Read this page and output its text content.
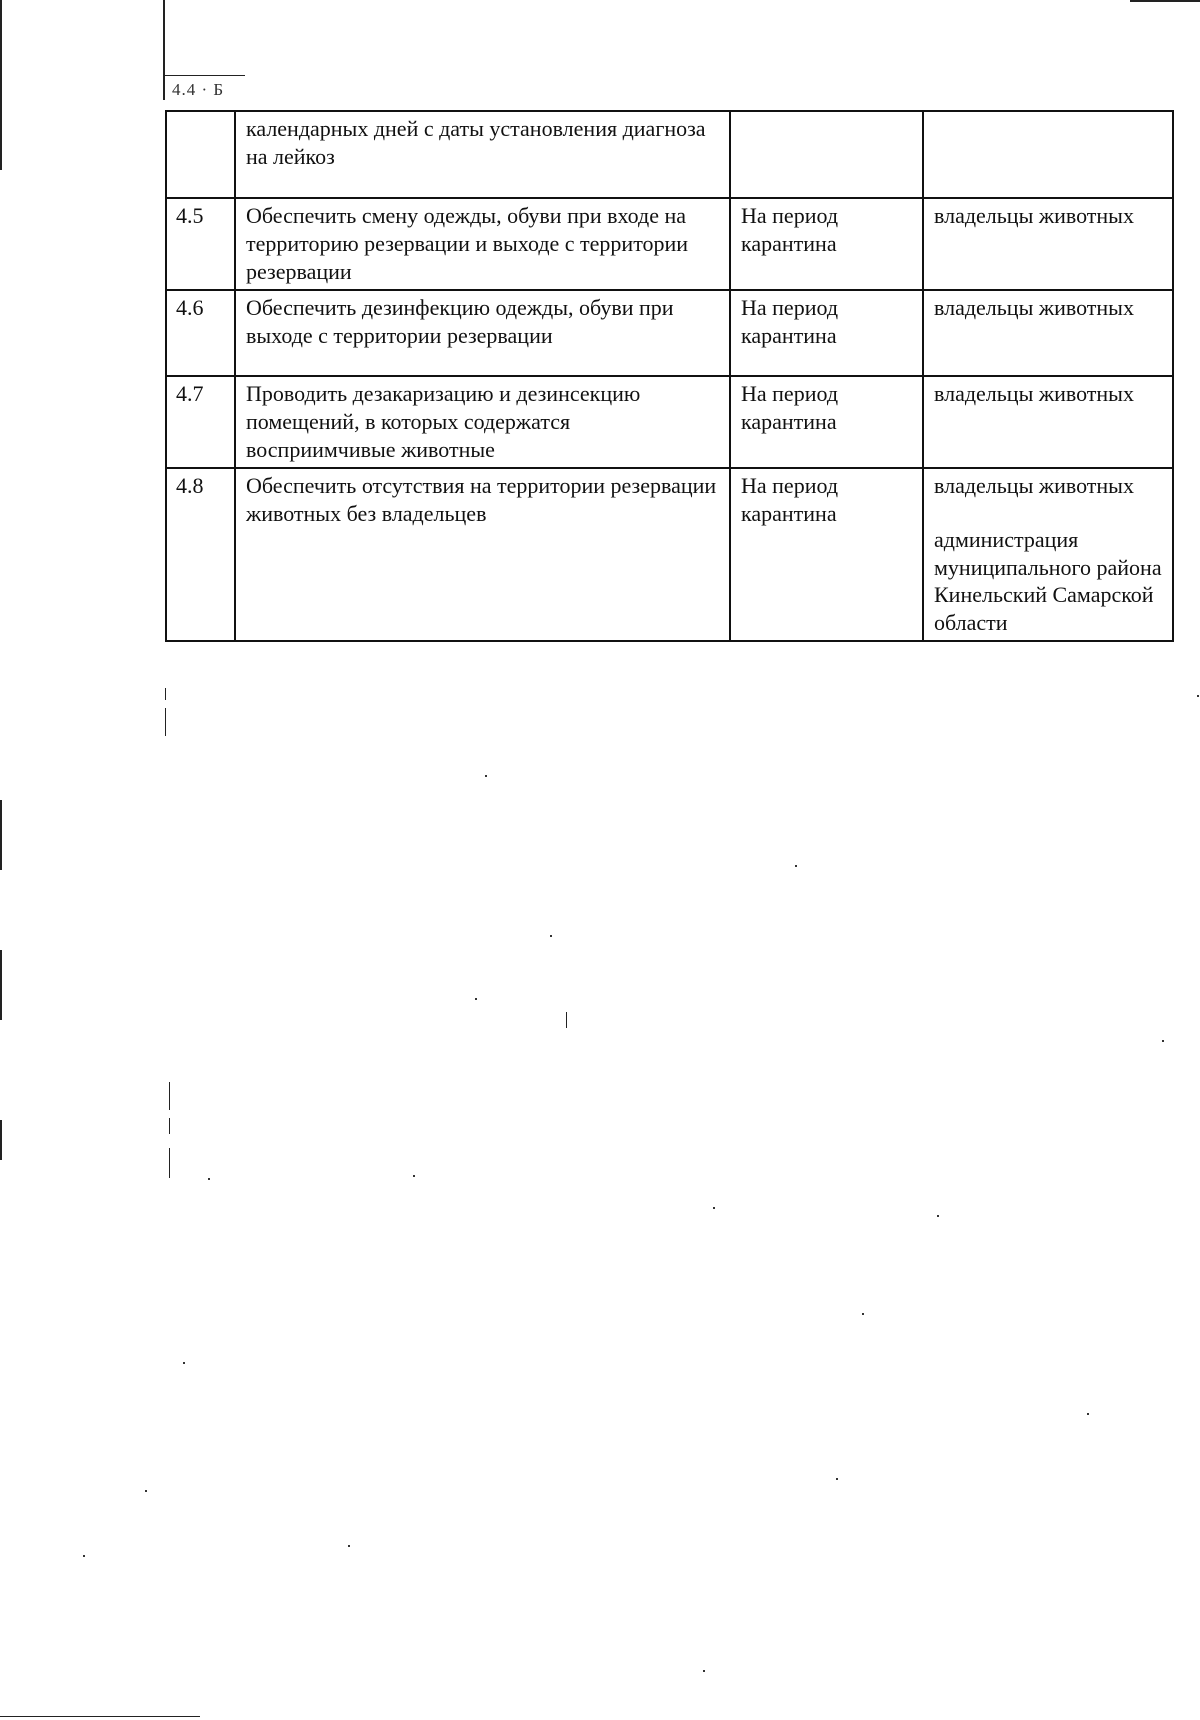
4.4 · Б
	календарных дней с даты установления диагноза на лейкоз		
4.5	Обеспечить смену одежды, обуви при входе на территорию резервации и выходе с территории резервации	На период карантина	владельцы животных

4.6	Обеспечить дезинфекцию одежды, обуви при выходе с территории резервации	На период карантина	владельцы животных

4.7	Проводить дезакаризацию и дезинсекцию помещений, в которых содержатся восприимчивые животные	На период карантина	владельцы животных

4.8	Обеспечить отсутствия на территории резервации животных без владельцев	На период карантина	владельцы животных
администрация муниципального района Кинельский Самарской области
